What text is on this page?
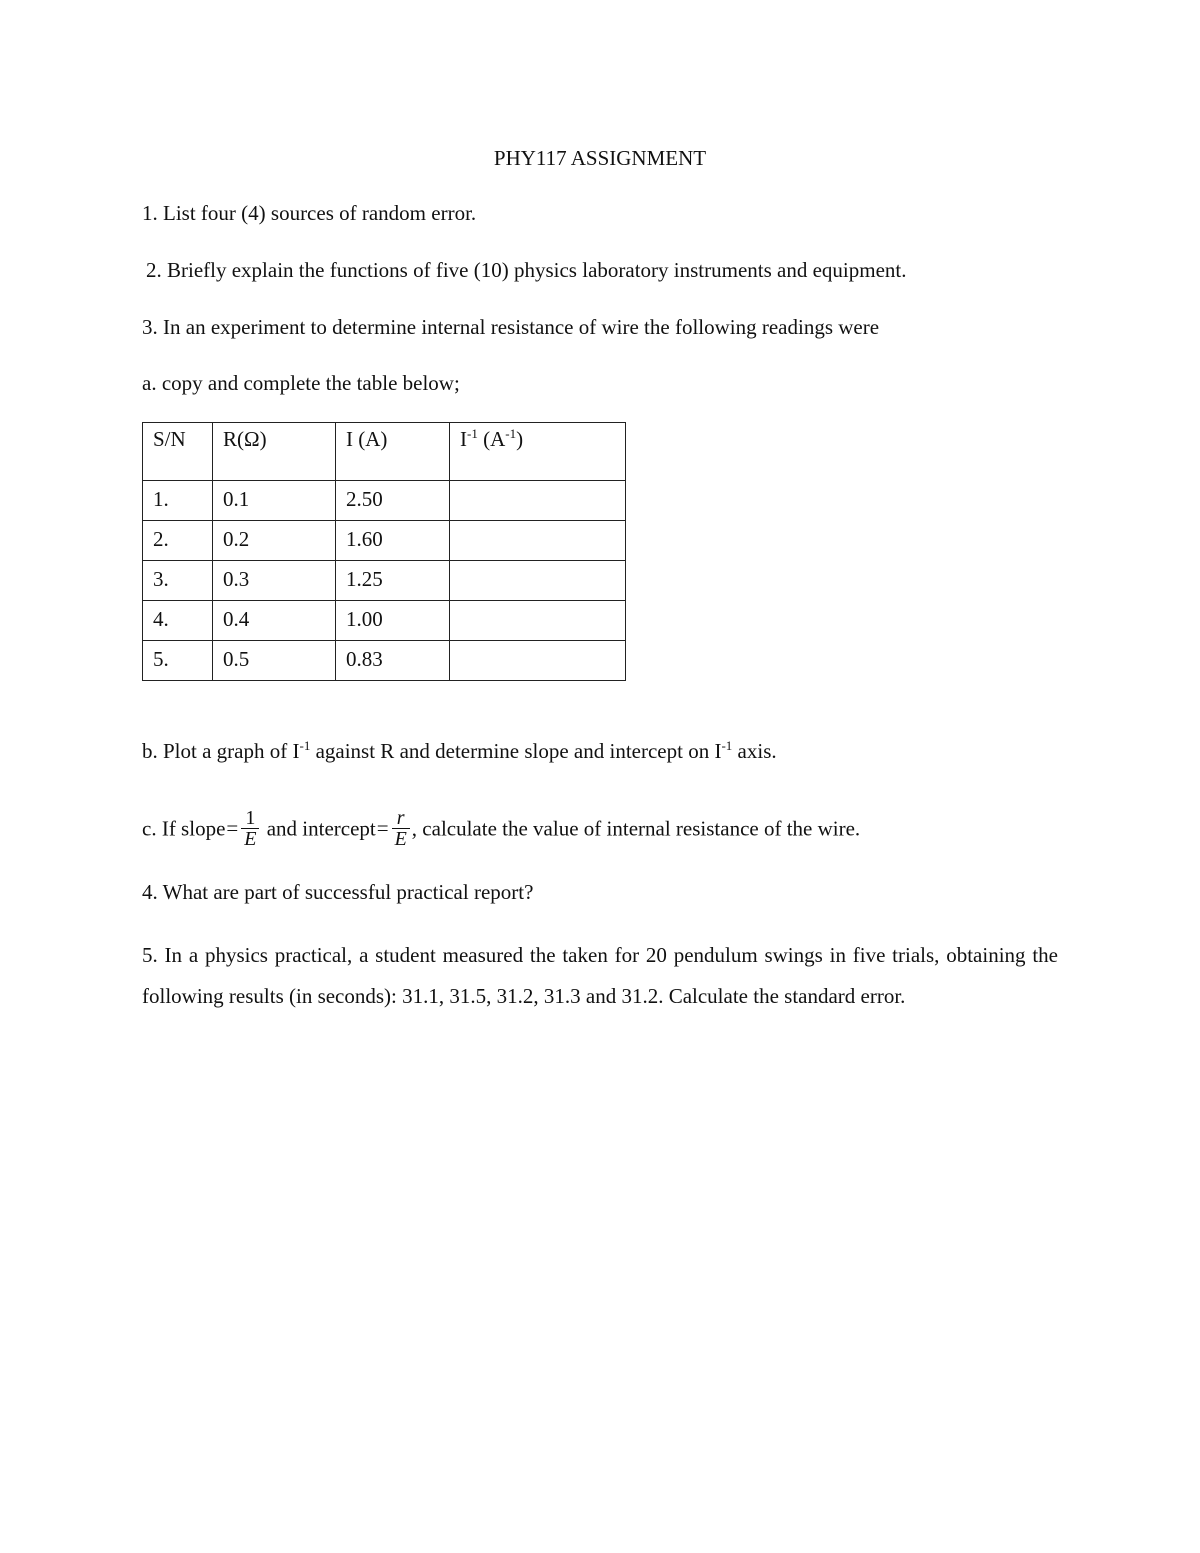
PHY117 ASSIGNMENT
1. List four (4) sources of random error.
2. Briefly explain the functions of five (10) physics laboratory instruments and equipment.
3. In an experiment to determine internal resistance of wire the following readings were
a. copy and complete the table below;
S/N	R(Ω)	I (A)	$I^{-1}$ $(A^{-1})$
1.	0.1	2.50	
2.	0.2	1.60	
3.	0.3	1.25	
4.	0.4	1.00	
5.	0.5	0.83	
b. Plot a graph of $I^{-1}$ against R and determine slope and intercept on $I^{-1}$ axis.
c. If slope= $\frac{1}{E}$ and intercept= $\frac{r}{E}$ , calculate the value of internal resistance of the wire.
4. What are part of successful practical report?
5. In a physics practical, a student measured the taken for 20 pendulum swings in five trials, obtaining the following results (in seconds): 31.1, 31.5, 31.2, 31.3 and 31.2. Calculate the standard error.
